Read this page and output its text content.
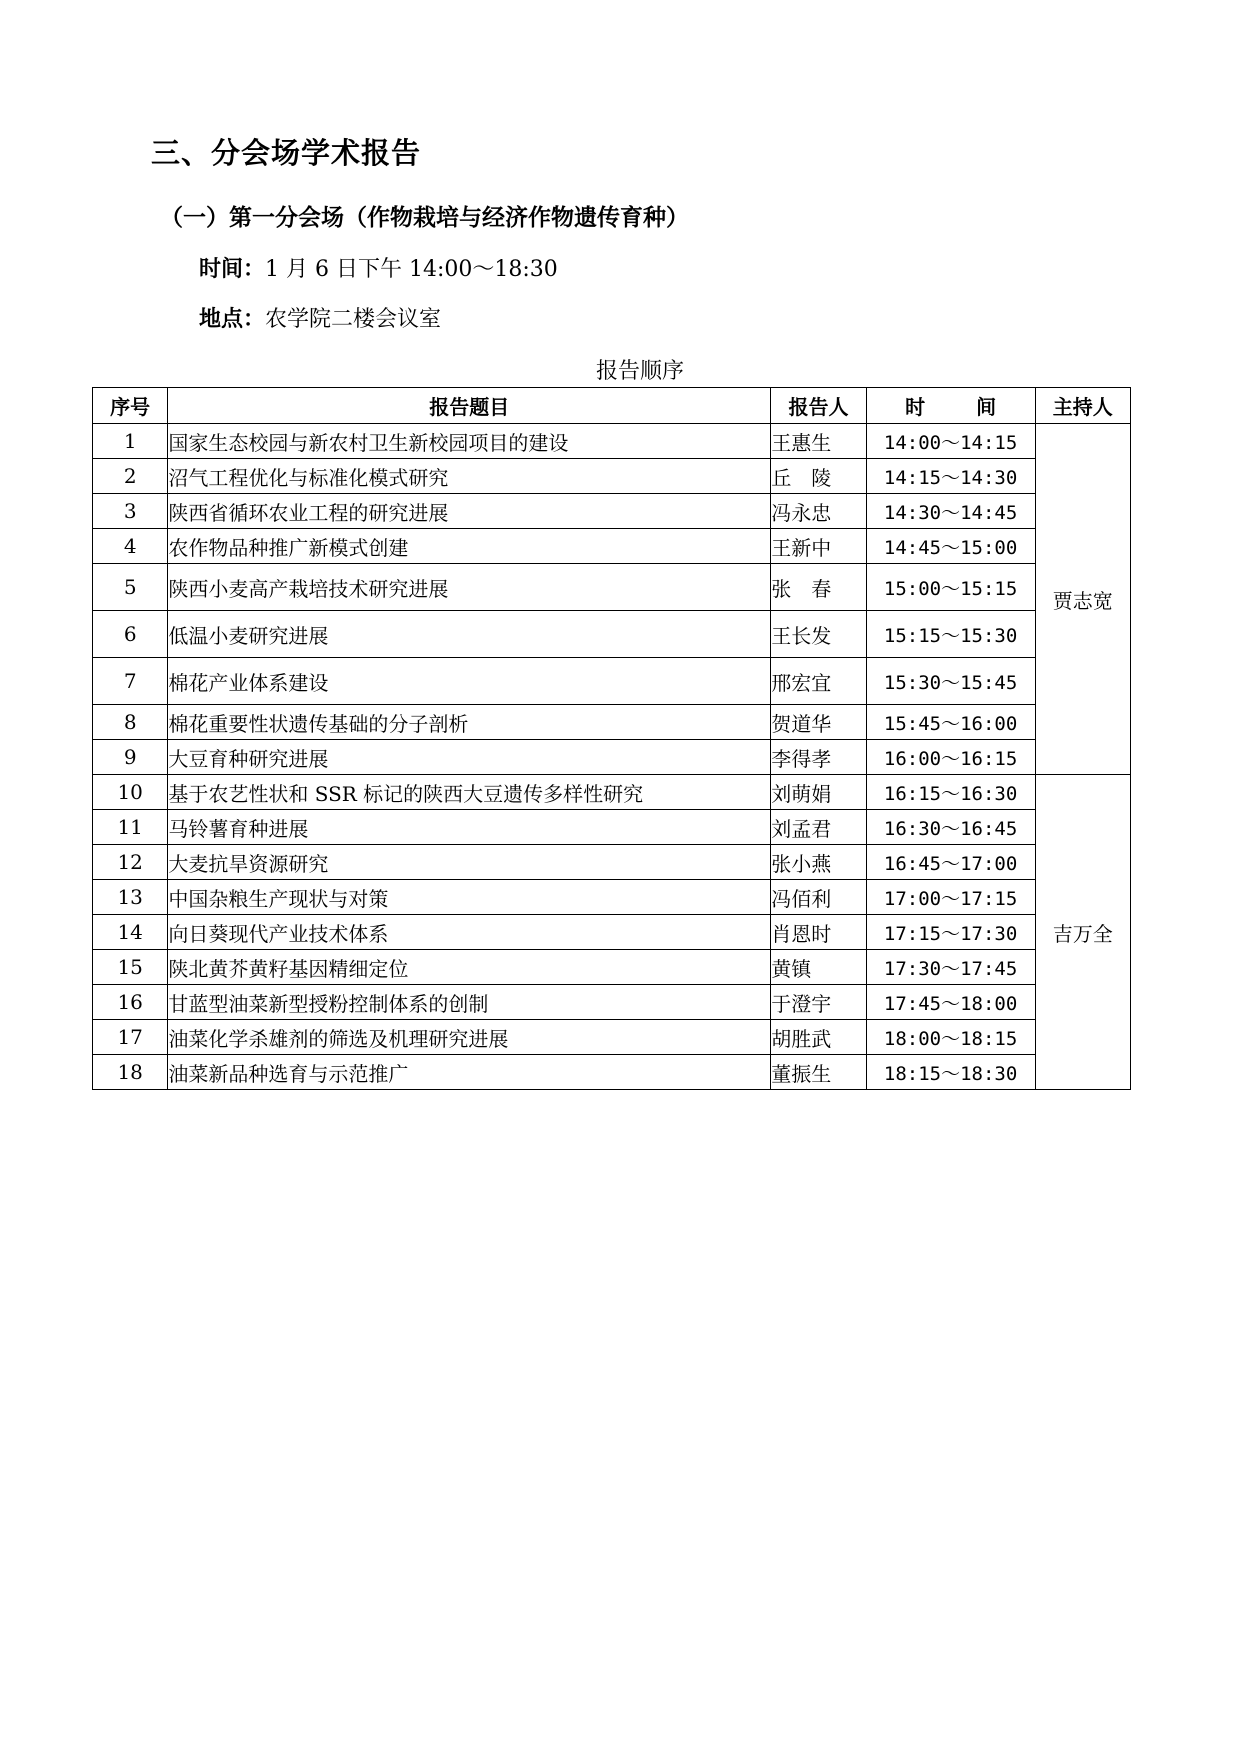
三、分会场学术报告
（一）第一分会场（作物栽培与经济作物遗传育种）

时间：1 月 6 日下午 14:00～18:30

地点：农学院二楼会议室

报告顺序

序号	报告题目	报告人	时 间	主持人
1	国家生态校园与新农村卫生新校园项目的建设	王惠生	14:00～14:15	贾志宽
2	沼气工程优化与标准化模式研究	丘　陵	14:15～14:30	
3	陕西省循环农业工程的研究进展	冯永忠	14:30～14:45	
4	农作物品种推广新模式创建	王新中	14:45～15:00	
5	陕西小麦高产栽培技术研究进展	张　春	15:00～15:15	
6	低温小麦研究进展	王长发	15:15～15:30	
7	棉花产业体系建设	邢宏宜	15:30～15:45	
8	棉花重要性状遗传基础的分子剖析	贺道华	15:45～16:00	
9	大豆育种研究进展	李得孝	16:00～16:15	
10	基于农艺性状和 SSR 标记的陕西大豆遗传多样性研究	刘萌娟	16:15～16:30	吉万全
11	马铃薯育种进展	刘孟君	16:30～16:45	
12	大麦抗旱资源研究	张小燕	16:45～17:00	
13	中国杂粮生产现状与对策	冯佰利	17:00～17:15	
14	向日葵现代产业技术体系	肖恩时	17:15～17:30	
15	陕北黄芥黄籽基因精细定位	黄镇	17:30～17:45	
16	甘蓝型油菜新型授粉控制体系的创制	于澄宇	17:45～18:00	
17	油菜化学杀雄剂的筛选及机理研究进展	胡胜武	18:00～18:15	
18	油菜新品种选育与示范推广	董振生	18:15～18:30	
